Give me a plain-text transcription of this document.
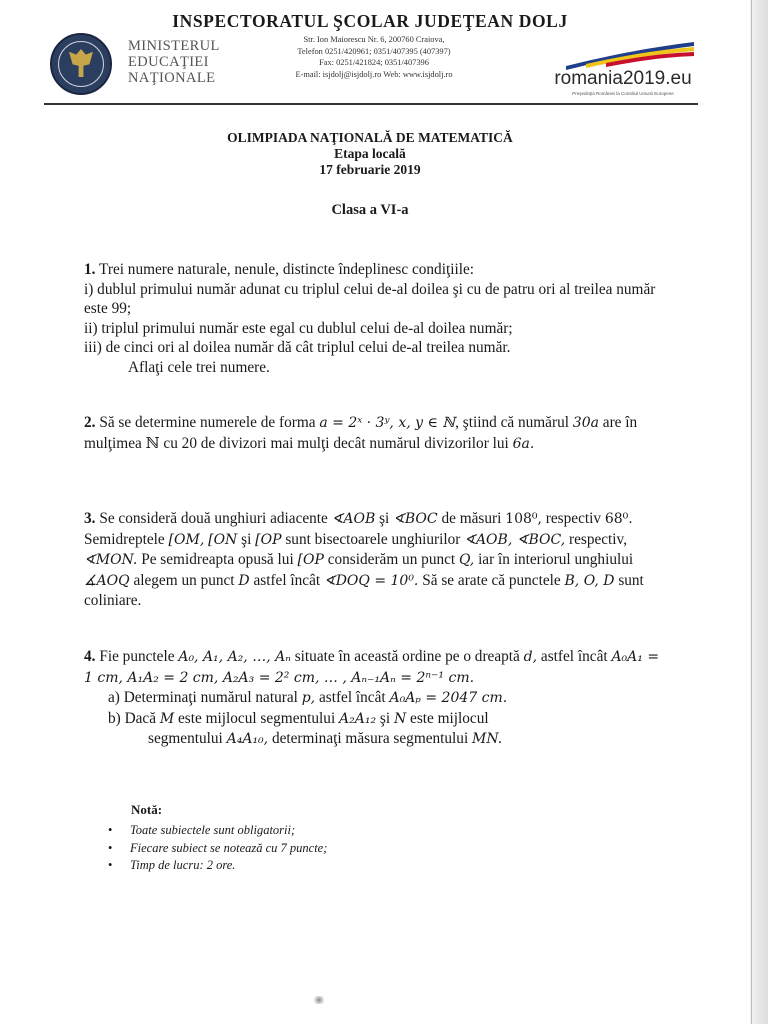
INSPECTORATUL ŞCOLAR JUDEŢEAN DOLJ
MINISTERUL
EDUCAŢIEI
NAŢIONALE
Str. Ion Maiorescu Nr. 6, 200760 Craiova,
Telefon 0251/420961; 0351/407395 (407397)
Fax: 0251/421824; 0351/407396
E-mail: isjdolj@isjdolj.ro Web: www.isjdolj.ro	romania2019.eu
Preşedinţia României la Consiliul Uniunii Europene
OLIMPIADA NAŢIONALĂ DE MATEMATICĂ
Etapa locală
17 februarie 2019
Clasa a VI-a

1. Trei numere naturale, nenule, distincte îndeplinesc condiţiile:

i) dublul primului număr adunat cu triplul celui de-al doilea şi cu de patru ori al treilea număr este 99;

ii) triplul primului număr este egal cu dublul celui de-al doilea număr;

iii) de cinci ori al doilea număr dă cât triplul celui de-al treilea număr.

Aflaţi cele trei numere.

2. Să se determine numerele de forma a = 2ˣ · 3ʸ, x, y ∈ ℕ, ştiind că numărul 30a are în mulţimea ℕ cu 20 de divizori mai mulţi decât numărul divizorilor lui 6a.

3. Se consideră două unghiuri adiacente ∢AOB şi ∢BOC de măsuri 108⁰, respectiv 68⁰. Semidreptele [OM, [ON şi [OP sunt bisectoarele unghiurilor ∢AOB, ∢BOC, respectiv, ∢MON. Pe semidreapta opusă lui [OP considerăm un punct Q, iar în interiorul unghiului ∡AOQ alegem un punct D astfel încât ∢DOQ = 10⁰. Să se arate că punctele B, O, D sunt coliniare.

4. Fie punctele A₀, A₁, A₂, …, Aₙ situate în această ordine pe o dreaptă d, astfel încât A₀A₁ = 1 cm, A₁A₂ = 2 cm, A₂A₃ = 2² cm, … , Aₙ₋₁Aₙ = 2ⁿ⁻¹ cm.

a) Determinaţi numărul natural p, astfel încât A₀Aₚ = 2047 cm.

b) Dacă M este mijlocul segmentului A₂A₁₂ şi N este mijlocul

segmentului A₄A₁₀, determinaţi măsura segmentului MN.

Notă:
• Toate subiectele sunt obligatorii;
• Fiecare subiect se notează cu 7 puncte;
• Timp de lucru: 2 ore.
